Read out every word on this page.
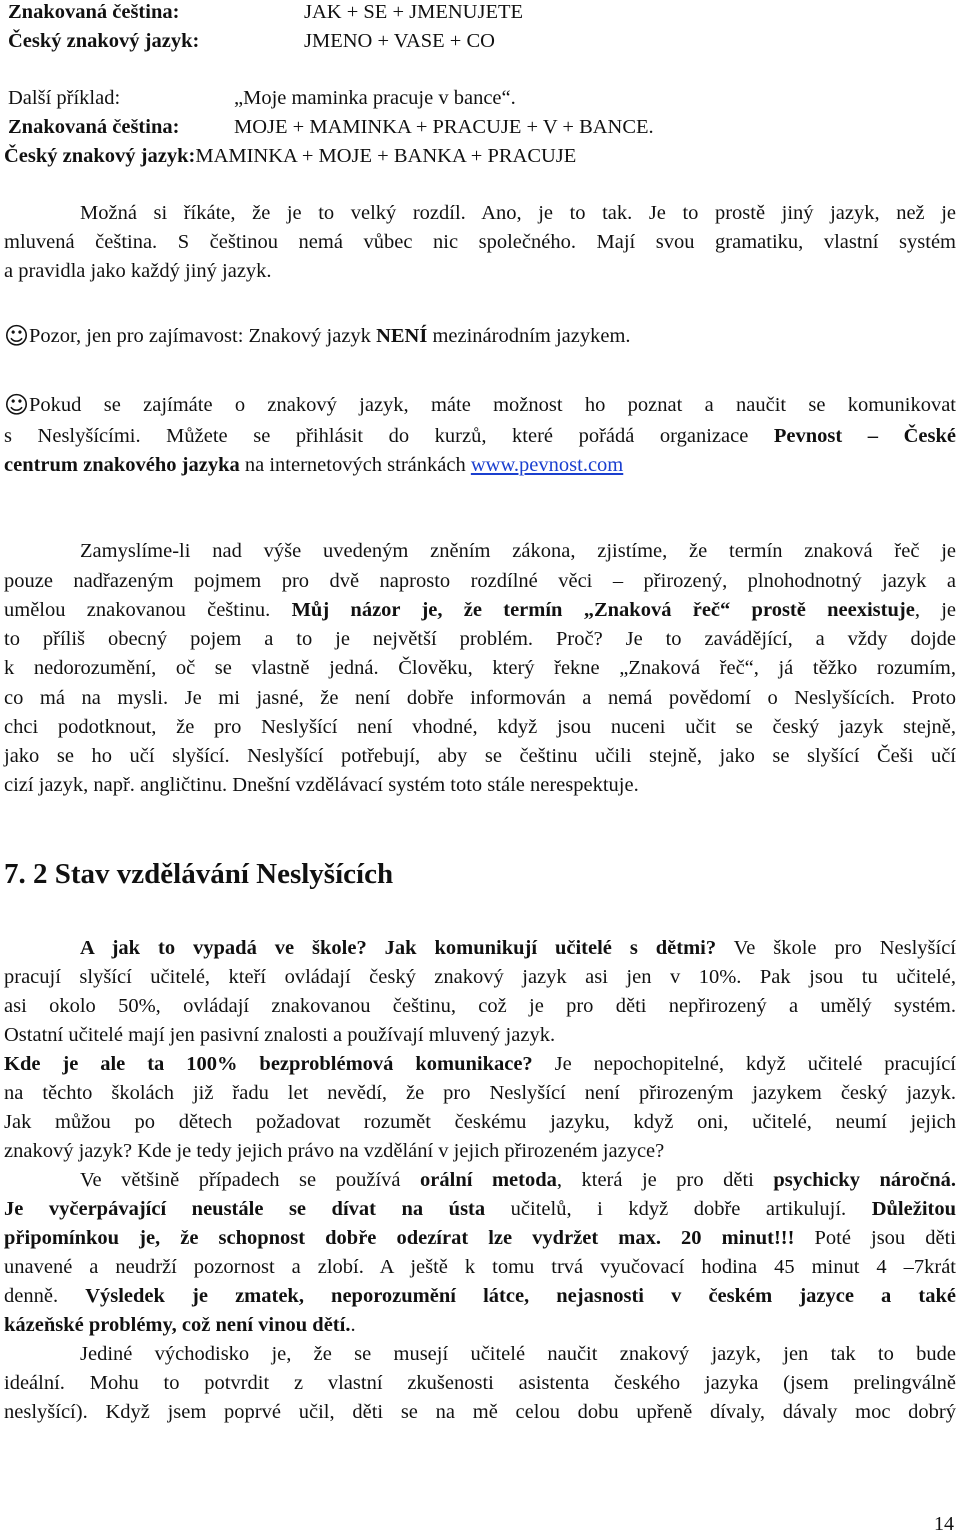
Znakovaná čeština:	JAK + SE + JMENUJETE
Český znakový jazyk:	JMENO + VASE + CO
Další příklad:	„Moje maminka pracuje v bance“.
Znakovaná čeština:	MOJE + MAMINKA + PRACUJE + V + BANCE.
Český znakový jazyk:MAMINKA + MOJE + BANKA + PRACUJE
Možná si říkáte, že je to velký rozdíl. Ano, je to tak. Je to prostě jiný jazyk, než je
mluvená čeština. S češtinou nemá vůbec nic společného. Mají svou gramatiku, vlastní systém
a pravidla jako každý jiný jazyk.
☺Pozor, jen pro zajímavost: Znakový jazyk NENÍ mezinárodním jazykem.
☺Pokud se zajímáte o znakový jazyk, máte možnost ho poznat a naučit se komunikovat
s Neslyšícími. Můžete se přihlásit do kurzů, které pořádá organizace Pevnost – České
centrum znakového jazyka na internetových stránkách www.pevnost.com
Zamyslíme-li nad výše uvedeným zněním zákona, zjistíme, že termín znaková řeč je
pouze nadřazeným pojmem pro dvě naprosto rozdílné věci – přirozený, plnohodnotný jazyk a
umělou znakovanou češtinu. Můj názor je, že termín „Znaková řeč“ prostě neexistuje, je
to příliš obecný pojem a to je největší problém. Proč? Je to zavádějící, a vždy dojde
k nedorozumění, oč se vlastně jedná. Člověku, který řekne „Znaková řeč“, já těžko rozumím,
co má na mysli. Je mi jasné, že není dobře informován a nemá povědomí o Neslyšících. Proto
chci podotknout, že pro Neslyšící není vhodné, když jsou nuceni učit se český jazyk stejně,
jako se ho učí slyšící. Neslyšící potřebují, aby se češtinu učili stejně, jako se slyšící Češi učí
cizí jazyk, např. angličtinu. Dnešní vzdělávací systém toto stále nerespektuje.
7. 2 Stav vzdělávání Neslyšících
A jak to vypadá ve škole? Jak komunikují učitelé s dětmi? Ve škole pro Neslyšící
pracují slyšící učitelé, kteří ovládají český znakový jazyk asi jen v 10%. Pak jsou tu učitelé,
asi okolo 50%, ovládají znakovanou češtinu, což je pro děti nepřirozený a umělý systém.
Ostatní učitelé mají jen pasivní znalosti a používají mluvený jazyk.
Kde je ale ta 100% bezproblémová komunikace? Je nepochopitelné, když učitelé pracující
na těchto školách již řadu let nevědí, že pro Neslyšící není přirozeným jazykem český jazyk.
Jak můžou po dětech požadovat rozumět českému jazyku, když oni, učitelé, neumí jejich
znakový jazyk? Kde je tedy jejich právo na vzdělání v jejich přirozeném jazyce?
Ve většině případech se používá orální metoda, která je pro děti psychicky náročná.
Je vyčerpávající neustále se dívat na ústa učitelů, i když dobře artikulují. Důležitou
připomínkou je, že schopnost dobře odezírat lze vydržet max. 20 minut!!! Poté jsou děti
unavené a neudrží pozornost a zlobí. A ještě k tomu trvá vyučovací hodina 45 minut 4 –7krát
denně. Výsledek je zmatek, neporozumění látce, nejasnosti v českém jazyce a také
kázeňské problémy, což není vinou dětí..
Jediné východisko je, že se musejí učitelé naučit znakový jazyk, jen tak to bude
ideální. Mohu to potvrdit z vlastní zkušenosti asistenta českého jazyka (jsem prelingválně
neslyšící). Když jsem poprvé učil, děti se na mě celou dobu upřeně dívaly, dávaly moc dobrý
14
